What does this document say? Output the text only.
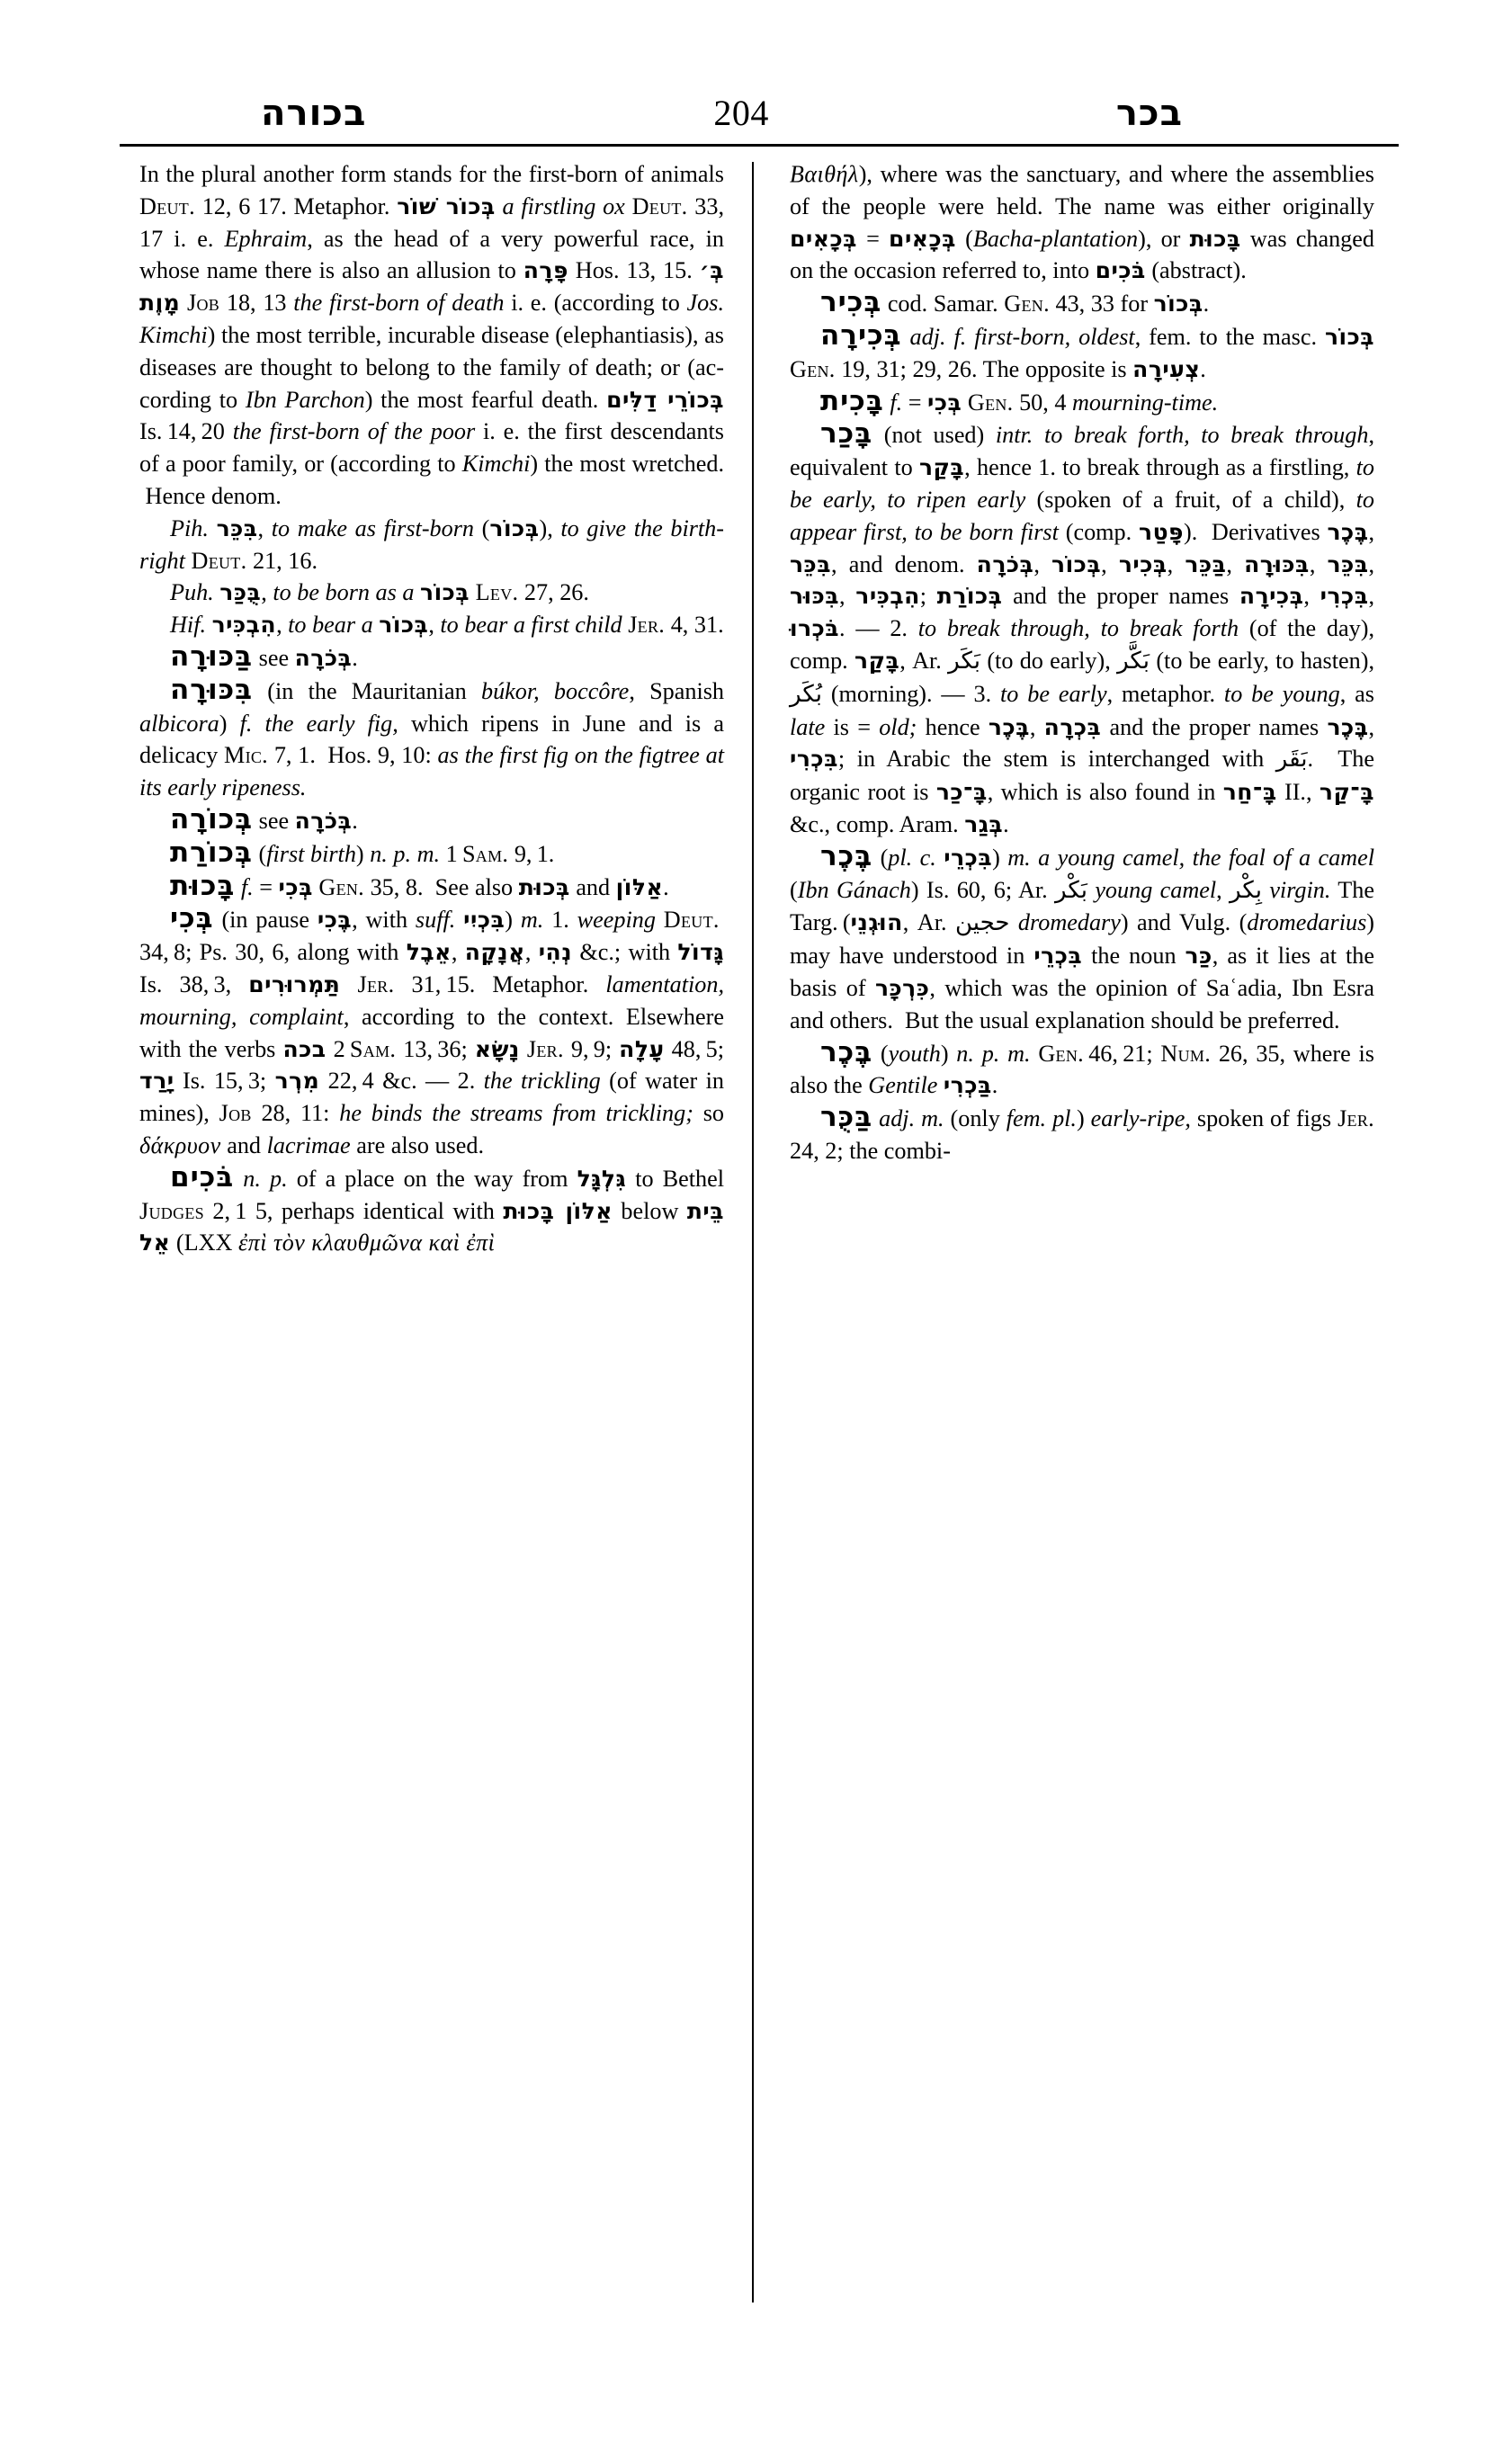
בכורה	204	בכר

In the plural another form stands for the first-born of animals Deut. 12, 6 17. Metaphor. בְּכוֹר שׁוֹר a firstling ox Deut. 33, 17 i. e. Ephraim, as the head of a very powerful race, in whose name there is also an allusion to פָּרָה Hos. 13, 15. בְּ׳ מָוֶת Job 18, 13 the first-born of death i. e. (according to Jos. Kimchi) the most terrible, incurable disease (elephantiasis), as diseases are thought to belong to the family of death; or (according to Ibn Parchon) the most fearful death. בְּכוֹרֵי דַלִּים Is. 14, 20 the first-born of the poor i. e. the first descendants of a poor family, or (according to Kimchi) the most wretched.  Hence denom.

Pih. בִּכֵּר, to make as first-born (בְּכוֹר), to give the birth-right Deut. 21, 16.

Puh. בֻּכַּר, to be born as a בְּכוֹר Lev. 27, 26.

Hif. הִבְכִּיר, to bear a בְּכוֹר, to bear a first child Jer. 4, 31.

בַּכּוּרָה see בְּכֹרָה.

בִּכּוּרָה (in the Mauritanian búkor, boccôre, Spanish albicora) f. the early fig, which ripens in June and is a delicacy Mic. 7, 1.  Hos. 9, 10: as the first fig on the figtree at its early ripeness.

בְּכוֹרָה see בְּכֹרָה.

בְּכוֹרַת (first birth) n. p. m. 1 Sam. 9, 1.

בָּכוּת f. = בְּכִי Gen. 35, 8.  See also בְּכוּת and אַלּוֹן.

בְּכִי (in pause בֶּכִי, with suff. בִּכְיִי) m. 1. weeping Deut. 34, 8; Ps. 30, 6, along with אֵבֶל, אֲנָקָה, נְהִי &c.; with גָּדוֹל Is. 38, 3, תַּמְרוּרִים Jer. 31, 15. Metaphor. lamentation, mourning, complaint, according to the context. Elsewhere with the verbs בכה 2 Sam. 13, 36; נָשָׂא Jer. 9, 9; עָלָה 48, 5; יָרַד Is. 15, 3; מִרְר 22, 4 &c. — 2. the trickling (of water in mines), Job 28, 11: he binds the streams from trickling; so δάκρυον and lacrimae are also used.

בֹּכִים n. p. of a place on the way from גִּלְגָּל to Bethel Judges 2, 1 5, perhaps identical with אַלּוֹן בָּכוּת below בֵּית אֵל (LXX ἐπὶ τὸν κλαυθμῶνα καὶ ἐπὶ

Βαιθήλ), where was the sanctuary, and where the assemblies of the people were held. The name was either originally בְּכָאִים = בְּכָאִים (Bacha-plantation), or בָּכוּת was changed on the occasion referred to, into בֹּכִים (abstract).

בְּכִיר cod. Samar. Gen. 43, 33 for בְּכוֹר.

בְּכִירָה adj. f. first-born, oldest, fem. to the masc. בְּכוֹר Gen. 19, 31; 29, 26. The opposite is צְעִירָה.

בָּכִית f. = בְּכִי Gen. 50, 4 mourning-time.

בָּכַר (not used) intr. to break forth, to break through, equivalent to בָּקַר, hence 1. to break through as a firstling, to be early, to ripen early (spoken of a fruit, of a child), to appear first, to be born first (comp. פָּטַר).  Derivatives בֶּכֶר, בִּכֵּר, and denom. בְּכֹרָה, בְּכוֹר, בְּכִיר, בַּכֵּר, בִּכּוּרָה, בִּכֵּר, בִּכּוּר, הִבְכִּיר; בְּכוֹרַת and the proper names בְּכִירָה, בִּכְרִי, בֹּכְרוּ. — 2. to break through, to break forth (of the day), comp. בָּקַר, Ar. بَكَر (to do early), بَكَّر (to be early, to hasten), بُكَر (morning). — 3. to be early, metaphor. to be young, as late is = old; hence בֶּכֶר, בִּכְרָה and the proper names בֶּכֶר, בִּכְרִי; in Arabic the stem is interchanged with بَقَر.  The organic root is בָּ־כַר, which is also found in בָּ־חַר II., בָּ־קַר &c., comp. Aram. בְּגַר.

בֶּכֶר (pl. c. בִּכְרֵי) m. a young camel, the foal of a camel (Ibn Gánach) Is. 60, 6; Ar. بَكْر young camel, بِكْر virgin. The Targ. (הוּגְנֵי, Ar. حجين dromedary) and Vulg. (dromedarius) may have understood in בִּכְרֵי the noun כַּר, as it lies at the basis of כִּרְכָּר, which was the opinion of Saʿadia, Ibn Esra and others.  But the usual explanation should be preferred.

בֶּכֶר (youth) n. p. m. Gen. 46, 21; Num. 26, 35, where is also the Gentile בַּכְרִי.

בַּכֻּר adj. m. (only fem. pl.) early-ripe, spoken of figs Jer. 24, 2; the combi-
